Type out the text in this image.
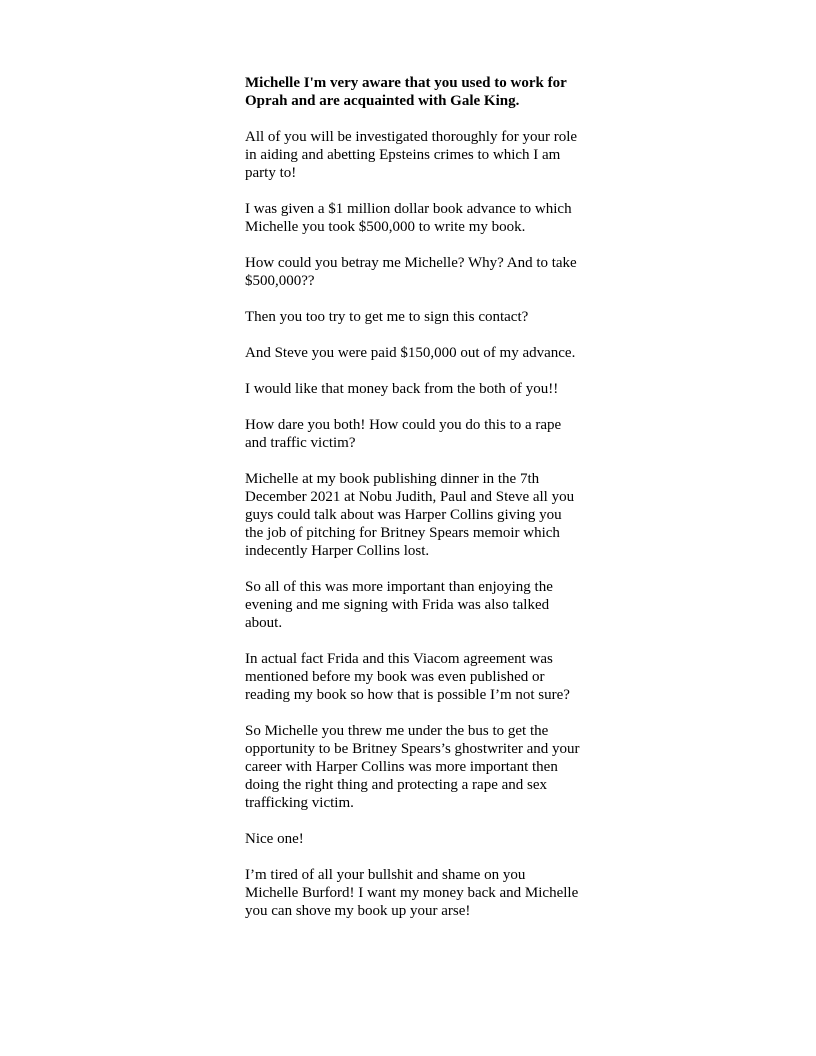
Michelle I'm very aware that you used to work for Oprah and are acquainted with Gale King.

All of you will be investigated thoroughly for your role in aiding and abetting Epsteins crimes to which I am party to!

I was given a $1 million dollar book advance to which Michelle you took $500,000 to write my book.

How could you betray me Michelle? Why? And to take $500,000??

Then you too try to get me to sign this contact?

And Steve you were paid $150,000 out of my advance.

I would like that money back from the both of you!!

How dare you both! How could you do this to a rape and traffic victim?

Michelle at my book publishing dinner in the 7th December 2021 at Nobu Judith, Paul and Steve all you guys could talk about was Harper Collins giving you the job of pitching for Britney Spears memoir which indecently Harper Collins lost.

So all of this was more important than enjoying the evening and me signing with Frida was also talked about.

In actual fact Frida and this Viacom agreement was mentioned before my book was even published or reading my book so how that is possible I’m not sure?

So Michelle you threw me under the bus to get the opportunity to be Britney Spears’s ghostwriter and your career with Harper Collins was more important then doing the right thing and protecting a rape and sex trafficking victim.

Nice one!

I’m tired of all your bullshit and shame on you Michelle Burford! I want my money back and Michelle you can shove my book up your arse!
